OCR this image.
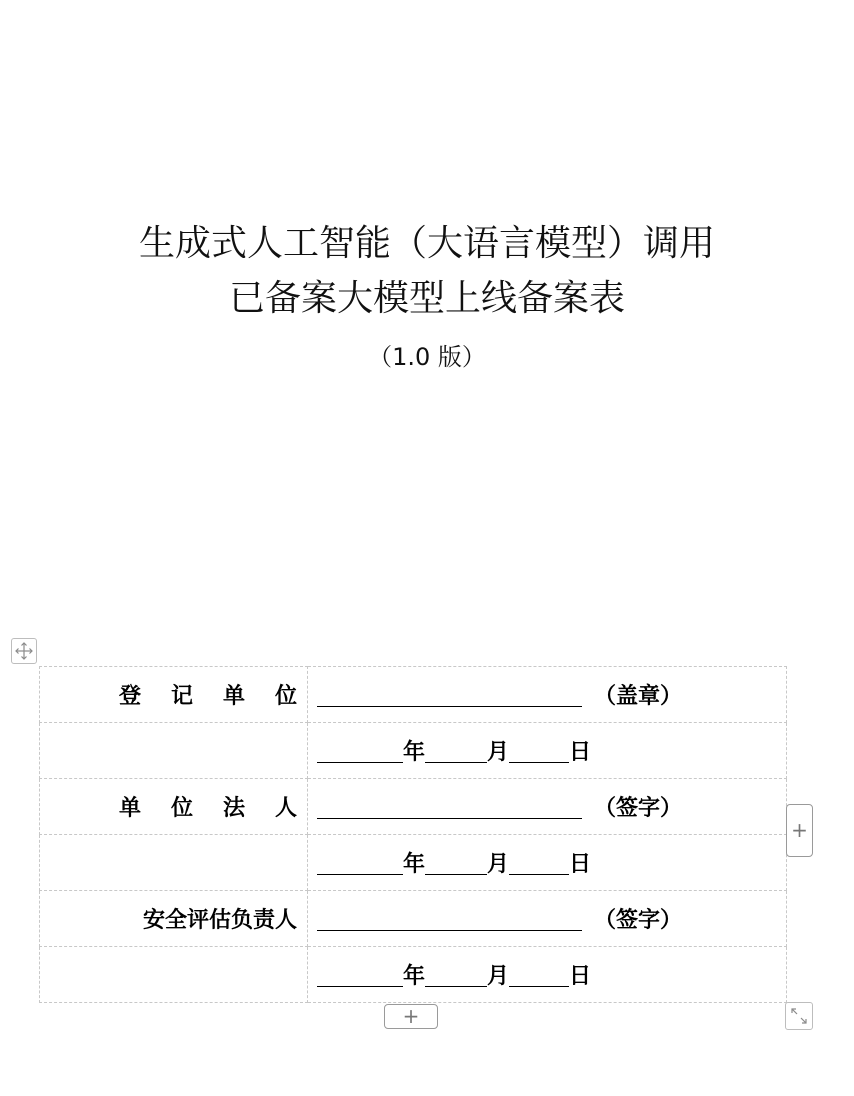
生成式人工智能（大语言模型）调用
已备案大模型上线备案表
（1.0 版）
登记单位	（盖章）
	年 月 日
单位法人	（签字）
	年 月 日
安全评估负责人	（签字）
	年 月 日
+
+
